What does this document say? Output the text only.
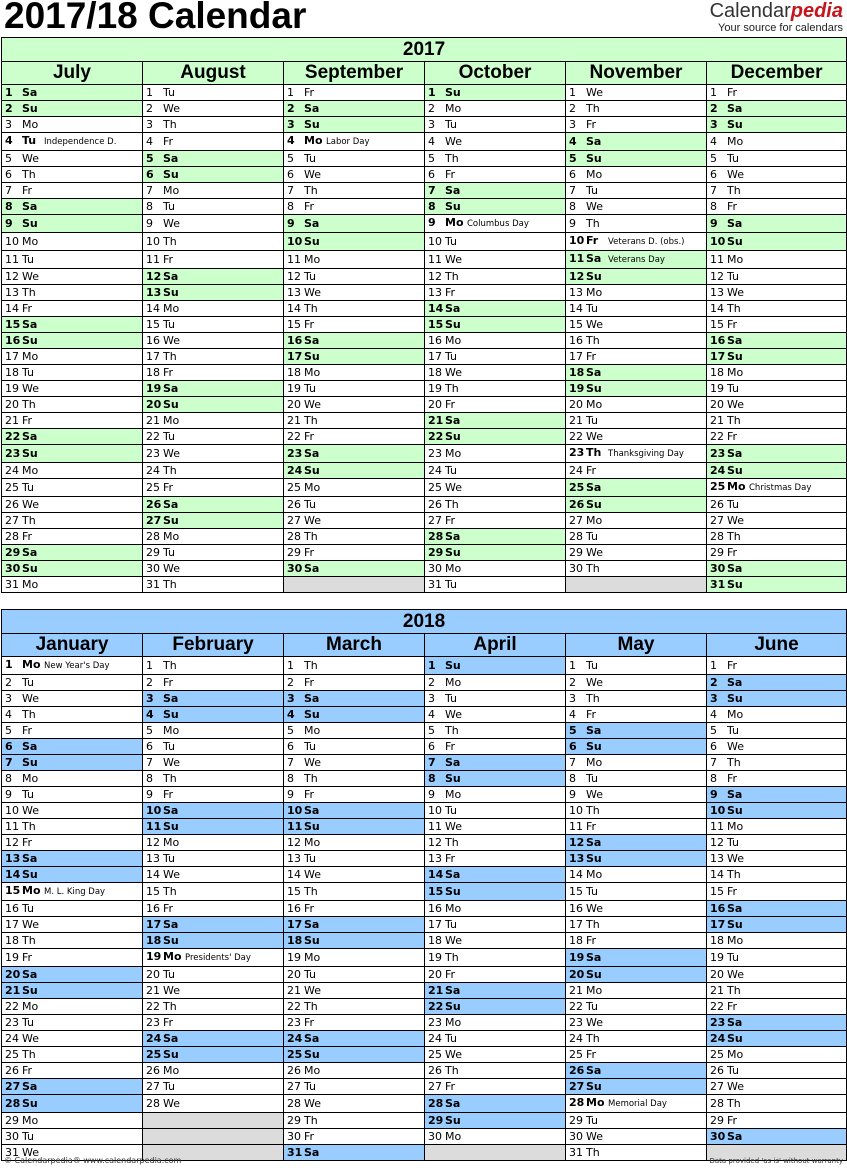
2017/18 Calendar	Calendarpedia
Your source for calendars
2017					
July	August	September	October	November	December
1 Sa	1 Tu	1 Fr	1 Su	1 We	1 Fr
2 Su	2 We	2 Sa	2 Mo	2 Th	2 Sa
3 Mo	3 Th	3 Su	3 Tu	3 Fr	3 Su
4 Tu Independence D.	4 Fr	4 Mo Labor Day	4 We	4 Sa	4 Mo
5 We	5 Sa	5 Tu	5 Th	5 Su	5 Tu
6 Th	6 Su	6 We	6 Fr	6 Mo	6 We
7 Fr	7 Mo	7 Th	7 Sa	7 Tu	7 Th
8 Sa	8 Tu	8 Fr	8 Su	8 We	8 Fr
9 Su	9 We	9 Sa	9 Mo Columbus Day	9 Th	9 Sa
10 Mo	10 Th	10 Su	10 Tu	10 Fr Veterans D. (obs.)	10 Su
11 Tu	11 Fr	11 Mo	11 We	11 Sa Veterans Day	11 Mo
12 We	12 Sa	12 Tu	12 Th	12 Su	12 Tu
13 Th	13 Su	13 We	13 Fr	13 Mo	13 We
14 Fr	14 Mo	14 Th	14 Sa	14 Tu	14 Th
15 Sa	15 Tu	15 Fr	15 Su	15 We	15 Fr
16 Su	16 We	16 Sa	16 Mo	16 Th	16 Sa
17 Mo	17 Th	17 Su	17 Tu	17 Fr	17 Su
18 Tu	18 Fr	18 Mo	18 We	18 Sa	18 Mo
19 We	19 Sa	19 Tu	19 Th	19 Su	19 Tu
20 Th	20 Su	20 We	20 Fr	20 Mo	20 We
21 Fr	21 Mo	21 Th	21 Sa	21 Tu	21 Th
22 Sa	22 Tu	22 Fr	22 Su	22 We	22 Fr
23 Su	23 We	23 Sa	23 Mo	23 Th Thanksgiving Day	23 Sa
24 Mo	24 Th	24 Su	24 Tu	24 Fr	24 Su
25 Tu	25 Fr	25 Mo	25 We	25 Sa	25 Mo Christmas Day
26 We	26 Sa	26 Tu	26 Th	26 Su	26 Tu
27 Th	27 Su	27 We	27 Fr	27 Mo	27 We
28 Fr	28 Mo	28 Th	28 Sa	28 Tu	28 Th
29 Sa	29 Tu	29 Fr	29 Su	29 We	29 Fr
30 Su	30 We	30 Sa	30 Mo	30 Th	30 Sa
31 Mo	31 Th		31 Tu		31 Su
2018					
January	February	March	April	May	June
1 Mo New Year's Day	1 Th	1 Th	1 Su	1 Tu	1 Fr
2 Tu	2 Fr	2 Fr	2 Mo	2 We	2 Sa
3 We	3 Sa	3 Sa	3 Tu	3 Th	3 Su
4 Th	4 Su	4 Su	4 We	4 Fr	4 Mo
5 Fr	5 Mo	5 Mo	5 Th	5 Sa	5 Tu
6 Sa	6 Tu	6 Tu	6 Fr	6 Su	6 We
7 Su	7 We	7 We	7 Sa	7 Mo	7 Th
8 Mo	8 Th	8 Th	8 Su	8 Tu	8 Fr
9 Tu	9 Fr	9 Fr	9 Mo	9 We	9 Sa
10 We	10 Sa	10 Sa	10 Tu	10 Th	10 Su
11 Th	11 Su	11 Su	11 We	11 Fr	11 Mo
12 Fr	12 Mo	12 Mo	12 Th	12 Sa	12 Tu
13 Sa	13 Tu	13 Tu	13 Fr	13 Su	13 We
14 Su	14 We	14 We	14 Sa	14 Mo	14 Th
15 Mo M. L. King Day	15 Th	15 Th	15 Su	15 Tu	15 Fr
16 Tu	16 Fr	16 Fr	16 Mo	16 We	16 Sa
17 We	17 Sa	17 Sa	17 Tu	17 Th	17 Su
18 Th	18 Su	18 Su	18 We	18 Fr	18 Mo
19 Fr	19 Mo Presidents' Day	19 Mo	19 Th	19 Sa	19 Tu
20 Sa	20 Tu	20 Tu	20 Fr	20 Su	20 We
21 Su	21 We	21 We	21 Sa	21 Mo	21 Th
22 Mo	22 Th	22 Th	22 Su	22 Tu	22 Fr
23 Tu	23 Fr	23 Fr	23 Mo	23 We	23 Sa
24 We	24 Sa	24 Sa	24 Tu	24 Th	24 Su
25 Th	25 Su	25 Su	25 We	25 Fr	25 Mo
26 Fr	26 Mo	26 Mo	26 Th	26 Sa	26 Tu
27 Sa	27 Tu	27 Tu	27 Fr	27 Su	27 We
28 Su	28 We	28 We	28 Sa	28 Mo Memorial Day	28 Th
29 Mo		29 Th	29 Su	29 Tu	29 Fr
30 Tu		30 Fr	30 Mo	30 We	30 Sa
31 We		31 Sa		31 Th	
© Calendarpedia® www.calendarpedia.com	Data provided 'as is' without warranty
